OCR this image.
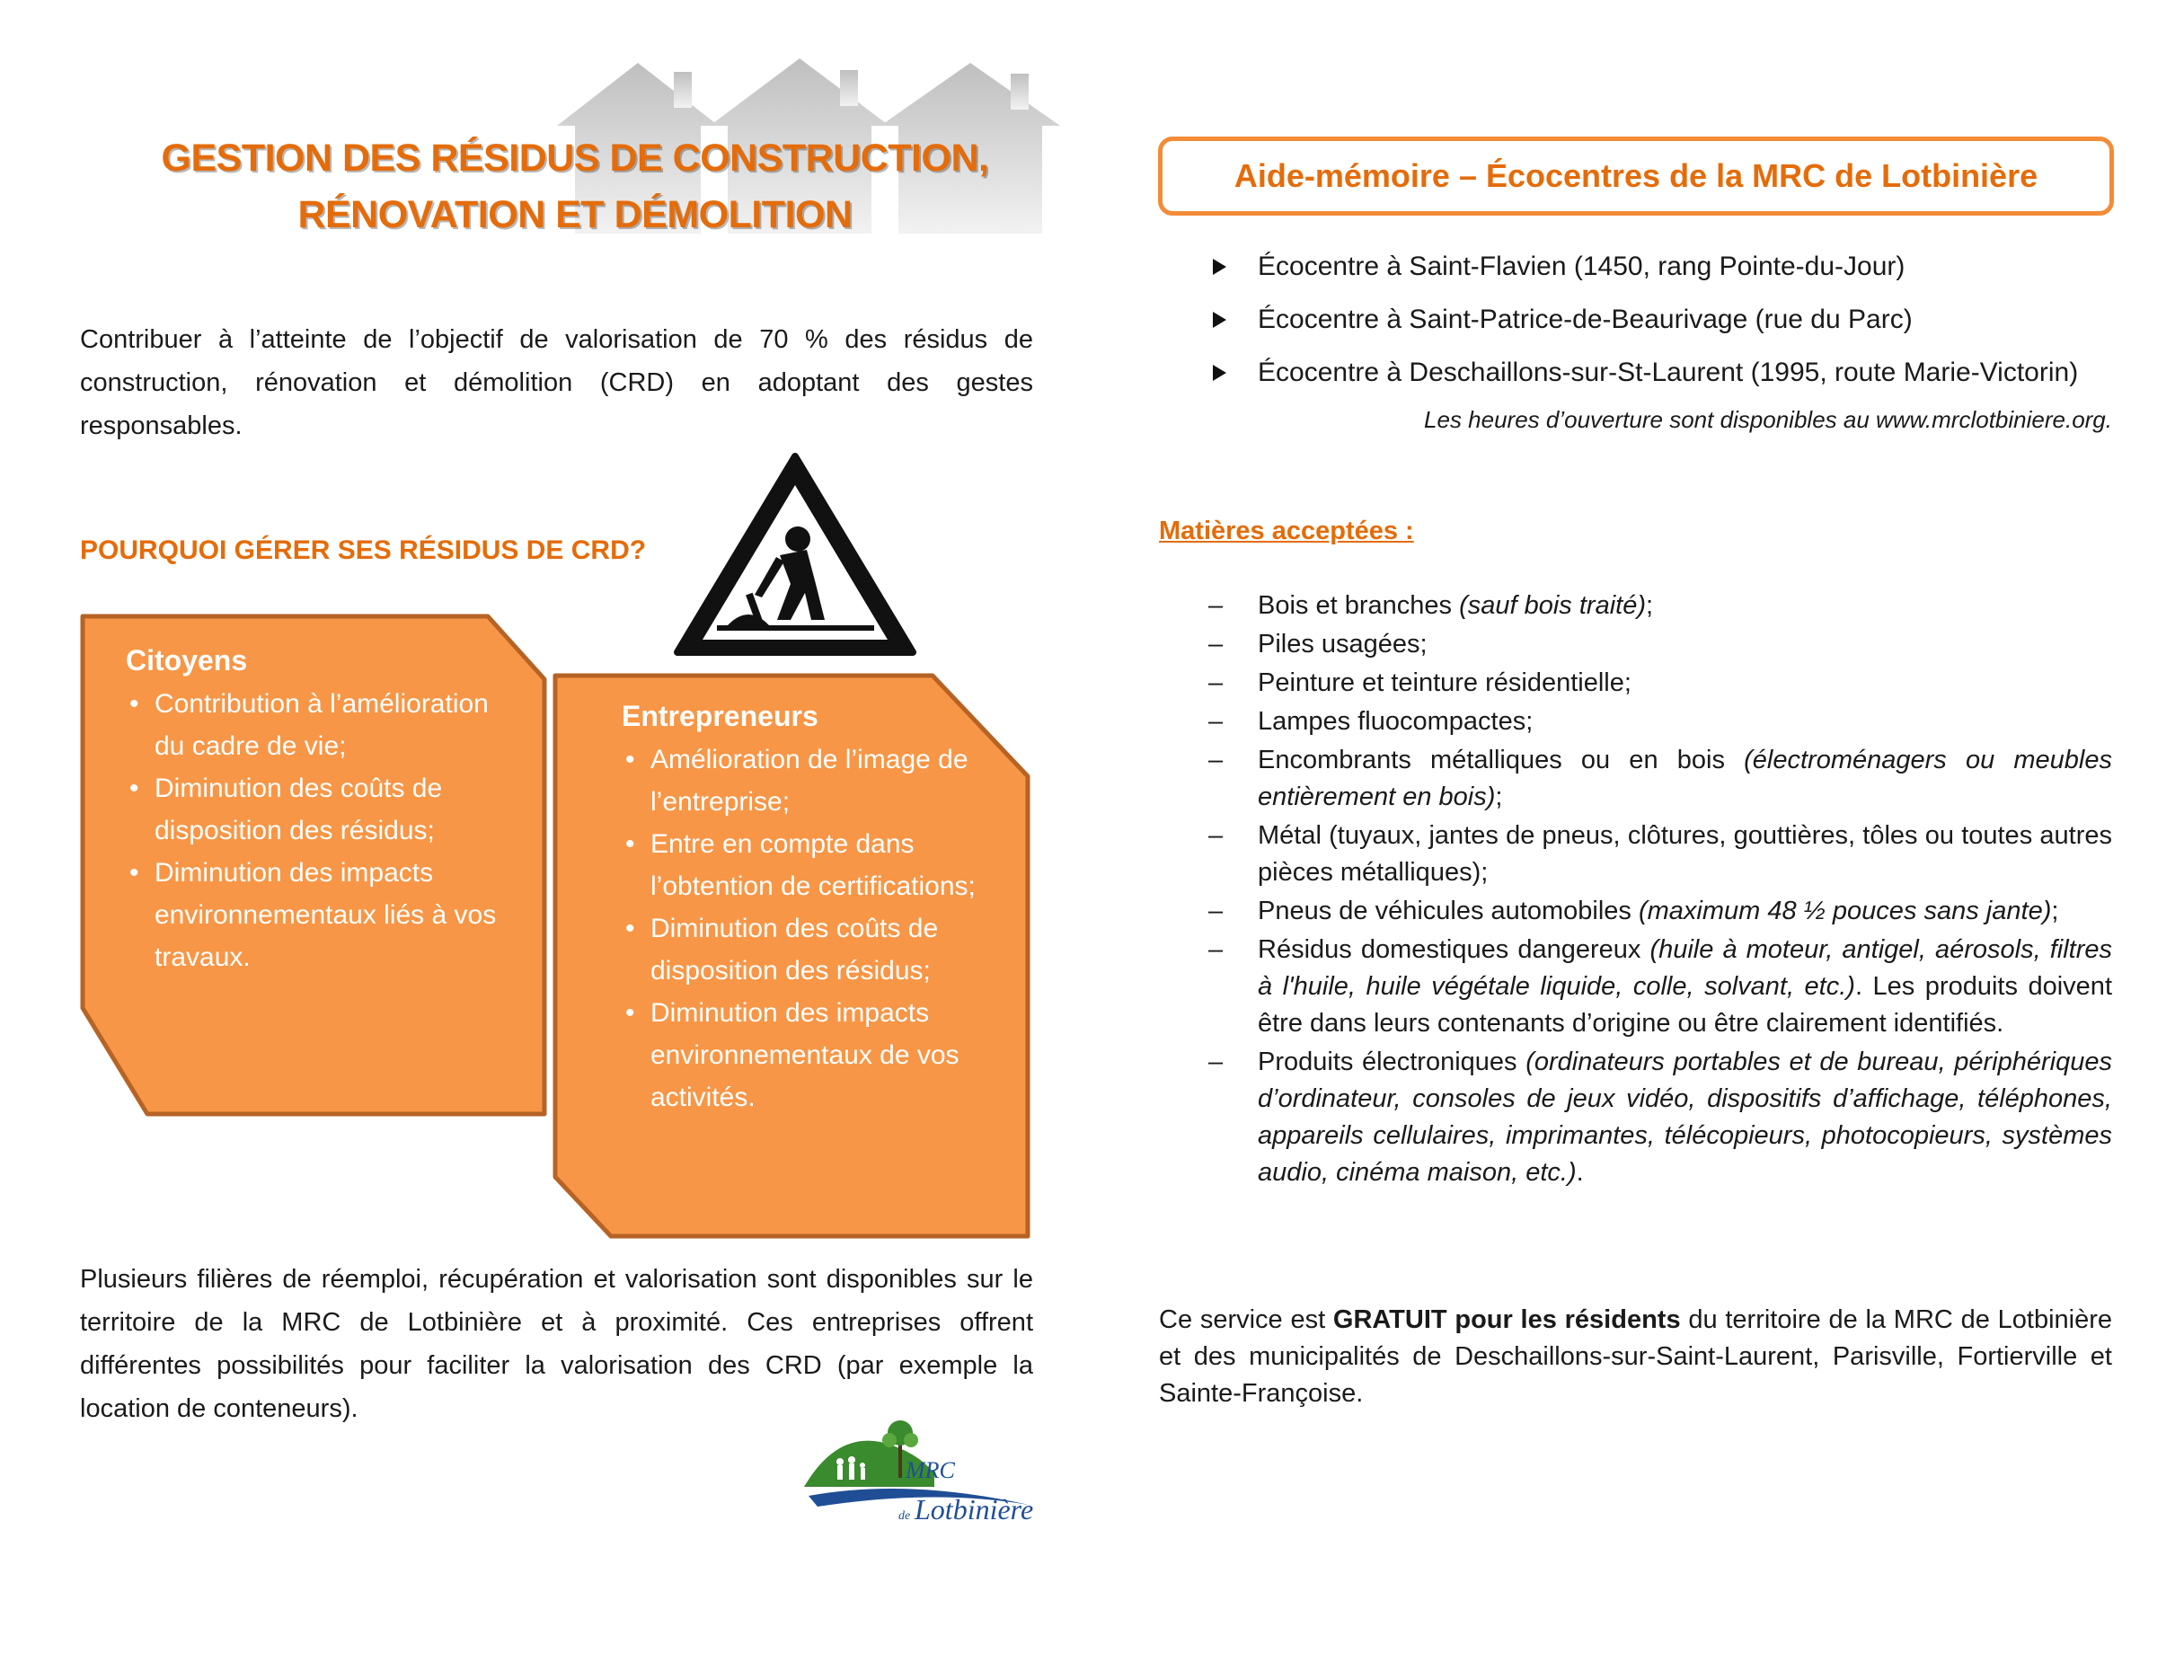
GESTION DES RÉSIDUS DE CONSTRUCTION,
RÉNOVATION ET DÉMOLITION
Contribuer à l’atteinte de l’objectif de valorisation de 70 % des résidus de construction, rénovation et démolition (CRD) en adoptant des gestes responsables.
POURQUOI GÉRER SES RÉSIDUS DE CRD?
Citoyens
• Contribution à l’amélioration du cadre de vie;
• Diminution des coûts de disposition des résidus;
• Diminution des impacts environnementaux liés à vos travaux.
Entrepreneurs
• Amélioration de l’image de l’entreprise;
• Entre en compte dans l’obtention de certifications;
• Diminution des coûts de disposition des résidus;
• Diminution des impacts environnementaux de vos activités.
Plusieurs filières de réemploi, récupération et valorisation sont disponibles sur le territoire de la MRC de Lotbinière et à proximité. Ces entreprises offrent différentes possibilités pour faciliter la valorisation des CRD (par exemple la location de conteneurs).
MRC
de Lotbinière
Aide-mémoire – Écocentres de la MRC de Lotbinière
Écocentre à Saint-Flavien (1450, rang Pointe-du-Jour)
Écocentre à Saint-Patrice-de-Beaurivage (rue du Parc)
Écocentre à Deschaillons-sur-St-Laurent (1995, route Marie-Victorin)
Les heures d’ouverture sont disponibles au www.mrclotbiniere.org.
Matières acceptées :
– Bois et branches (sauf bois traité);
– Piles usagées;
– Peinture et teinture résidentielle;
– Lampes fluocompactes;
– Encombrants métalliques ou en bois (électroménagers ou meubles entièrement en bois);
– Métal (tuyaux, jantes de pneus, clôtures, gouttières, tôles ou toutes autres pièces métalliques);
– Pneus de véhicules automobiles (maximum 48 ½ pouces sans jante);
– Résidus domestiques dangereux (huile à moteur, antigel, aérosols, filtres à l'huile, huile végétale liquide, colle, solvant, etc.). Les produits doivent être dans leurs contenants d’origine ou être clairement identifiés.
– Produits électroniques (ordinateurs portables et de bureau, périphériques d’ordinateur, consoles de jeux vidéo, dispositifs d’affichage, téléphones, appareils cellulaires, imprimantes, télécopieurs, photocopieurs, systèmes audio, cinéma maison, etc.).
Ce service est GRATUIT pour les résidents du territoire de la MRC de Lotbinière et des municipalités de Deschaillons-sur-Saint-Laurent, Parisville, Fortierville et Sainte-Françoise.
